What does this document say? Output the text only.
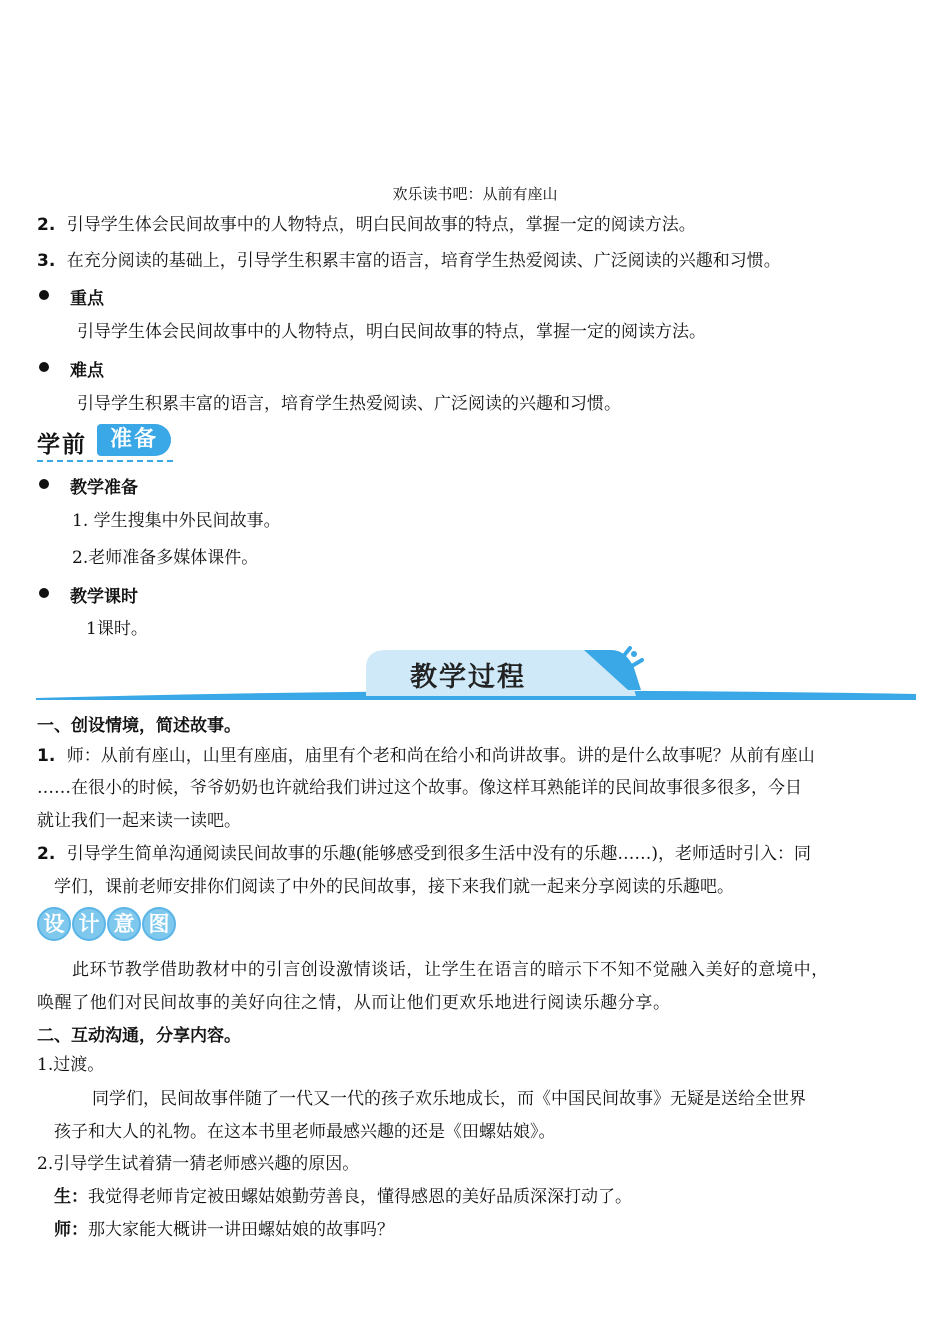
欢乐读书吧：从前有座山
2. 引导学生体会民间故事中的人物特点，明白民间故事的特点，掌握一定的阅读方法。
3. 在充分阅读的基础上，引导学生积累丰富的语言，培育学生热爱阅读、广泛阅读的兴趣和习惯。
重点
引导学生体会民间故事中的人物特点，明白民间故事的特点，掌握一定的阅读方法。
难点
引导学生积累丰富的语言，培育学生热爱阅读、广泛阅读的兴趣和习惯。
学前	准备
教学准备
1. 学生搜集中外民间故事。
2.老师准备多媒体课件。
教学课时
1课时。
教学过程
一、创设情境，简述故事。
1. 师：从前有座山，山里有座庙，庙里有个老和尚在给小和尚讲故事。讲的是什么故事呢？从前有座山
……在很小的时候，爷爷奶奶也许就给我们讲过这个故事。像这样耳熟能详的民间故事很多很多，今日
就让我们一起来读一读吧。
2. 引导学生简单沟通阅读民间故事的乐趣(能够感受到很多生活中没有的乐趣……)，老师适时引入：同
学们，课前老师安排你们阅读了中外的民间故事，接下来我们就一起来分享阅读的乐趣吧。
设 计 意 图
此环节教学借助教材中的引言创设激情谈话，让学生在语言的暗示下不知不觉融入美好的意境中，
唤醒了他们对民间故事的美好向往之情，从而让他们更欢乐地进行阅读乐趣分享。
二、互动沟通，分享内容。
1.过渡。
同学们，民间故事伴随了一代又一代的孩子欢乐地成长，而《中国民间故事》无疑是送给全世界
孩子和大人的礼物。在这本书里老师最感兴趣的还是《田螺姑娘》。
2.引导学生试着猜一猜老师感兴趣的原因。
生：我觉得老师肯定被田螺姑娘勤劳善良，懂得感恩的美好品质深深打动了。
师：那大家能大概讲一讲田螺姑娘的故事吗？
